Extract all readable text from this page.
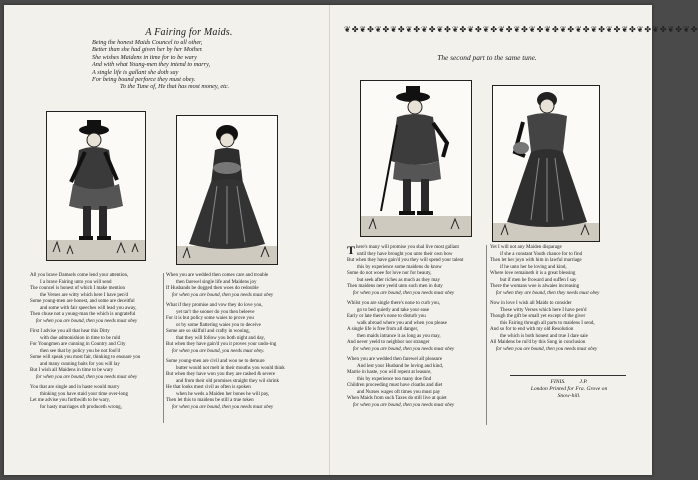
A Fairing for Maids.
Being the honest Maids Councel to all other,
Better than she had given her by her Mother.
She wishes Maidens in time for to be wary
And with what Young-men they intend to marry,
A single life is gallant she doth say
For being bound perforce they must obey.
To the Tune of, He that has most money, etc.
All you brave Damsels come lend your attention,
I a brave Fairing unto you will send
The councel is honest of which I make mention
the Verses are witty which here I have pen'd
Some young-men are honest, and some are deceitful
and some with fair speeches will lead you away,
Then chuse not a young-man the which is ungrateful
for when you are bound, then you needs must obey
First I advise you all that hear this Ditty
with due admonishion in time to be ruld
For Youngmen are cunning in Country and City
then see that by policy you be not fool'd
Some will speak you most fair, thinking to ensnare you
and many cunning baits for you will lay
But I wish all Maidens in time to be wary
for when you are bound, then you needs must obey
You that are single and in haste would marry
thinking you have staid your time over-long
Let me advise you forthwith to be wary,
for hasty marriages oft produceth wrong,
When you are wedded then comes care and trouble
then farewel single life and Maidens joy
If Husbands be dogged then woes do redouble
for when you are bound, then you needs must obey
What if they promise and vow they do love you,
yet tar'r the sooner do you then beleeve
For it is but policy some waies to prove you
or by some flattering waies you to deceive
Some are so skilfull and crafty in wooing,
that they will follow you both night and day,
But when they have gain'd you it proves your undo-ing
for when you are bound, you needs must obey.
Some young-men are civil and woo ne to demure
butter would not melt in their mouths you would think
But when they have won you they are rashed & severe
and from their old promises straight they wil shrink
He that looks most civil as often is spoken
when he weds a Maiden her bones he will pay,
Then let this to maidens be still a true token
for when you are bound, then you needs must obey
❦✤❦✤❦✤❦✤❦✤❦✤❦✤❦✤❦✤❦✤❦✤❦✤❦✤❦✤❦✤❦✤❦✤❦✤❦✤❦✤❦✤❦✤❦✤
The second part to the same tune.
There's many will promise you shal live most gallant
until they have brought you unto their own bow
But when they have gain'd you they will spend your talent
this by experience some maidens do know
Some do not woee for love nor for beauty,
but seek after riches as much as they may
Then maidens nere yeeld unto such men in duty
for when you are bound, then you needs must obey
Whilst you are single there's none to curb you,
go to bed quietly and take your ease
Early or late there's none to disturb you
walk abroad where you and when you please
A single life is free from all danger,
then maids intrance it as long as you may,
And never yeeld to neighbor nor stranger
for when you are bound, then you needs must obey
When you are wedded then farewel all pleasure
And lest your Husband be loving and kind,
Marrie in haste, you will repent at leasure,
this by experience too many doe find
Children proceeding must have cloaths and diet
and Nurses wages oft times you must pay
When Maids from such Taxes do still live at quiet
for when you are bound, then you needs must obey
Yet I will not any Maiden disparage
if she a constant Youth chance for to find
Then let her joyn with him in lawful marriage
if he unto her be loving and kind,
Where love remaineth it is a great blessing
but if men be froward and suffen I say
There the womans woe is alwaies increasing
for when they are bound, then they needs must obey
Now in love I wish all Maids to consider
These witty Verses which here I have pen'd
Though the gift be small yet except of the giver
this Fairing through all parts to maidens I send,
And so for to end with my old Resolution
the which is both honest and true I dare saie
All Maidens be rul'd by this Song in conclusion
for when you are bound, then you needs must obey
FINIS.          J.P.
London Printed for Fra. Grove on
Snow-hill.
